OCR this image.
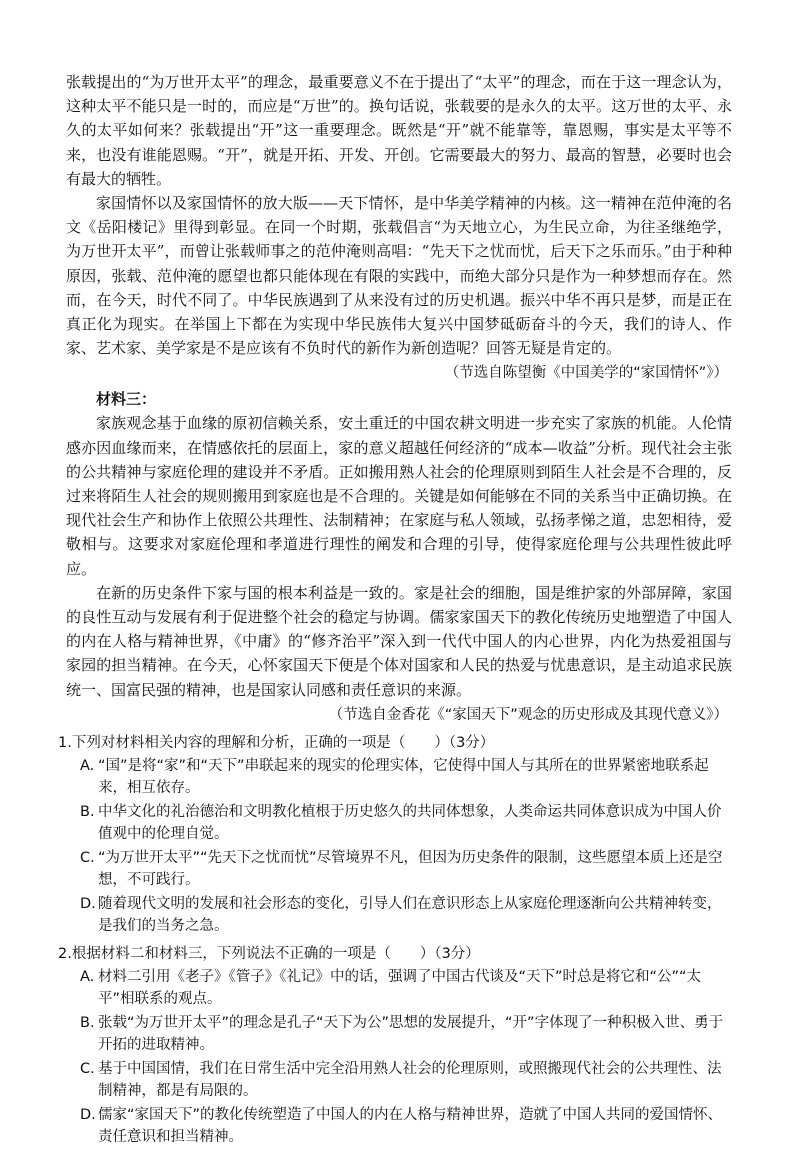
张载提出的“为万世开太平”的理念，最重要意义不在于提出了“太平”的理念，而在于这一理念认为，这种太平不能只是一时的，而应是“万世”的。换句话说，张载要的是永久的太平。这万世的太平、永久的太平如何来？张载提出“开”这一重要理念。既然是“开”就不能靠等，靠恩赐，事实是太平等不来，也没有谁能恩赐。“开”，就是开拓、开发、开创。它需要最大的努力、最高的智慧，必要时也会有最大的牺牲。

家国情怀以及家国情怀的放大版——天下情怀，是中华美学精神的内核。这一精神在范仲淹的名文《岳阳楼记》里得到彰显。在同一个时期，张载倡言“为天地立心，为生民立命，为往圣继绝学，为万世开太平”，而曾让张载师事之的范仲淹则高唱：“先天下之忧而忧，后天下之乐而乐。”由于种种原因，张载、范仲淹的愿望也都只能体现在有限的实践中，而绝大部分只是作为一种梦想而存在。然而，在今天，时代不同了。中华民族遇到了从来没有过的历史机遇。振兴中华不再只是梦，而是正在真正化为现实。在举国上下都在为实现中华民族伟大复兴中国梦砥砺奋斗的今天，我们的诗人、作家、艺术家、美学家是不是应该有不负时代的新作为新创造呢？回答无疑是肯定的。

（节选自陈望衡《中国美学的“家国情怀”》）

材料三：

家族观念基于血缘的原初信赖关系，安土重迁的中国农耕文明进一步充实了家族的机能。人伦情感亦因血缘而来，在情感依托的层面上，家的意义超越任何经济的“成本—收益”分析。现代社会主张的公共精神与家庭伦理的建设并不矛盾。正如搬用熟人社会的伦理原则到陌生人社会是不合理的，反过来将陌生人社会的规则搬用到家庭也是不合理的。关键是如何能够在不同的关系当中正确切换。在现代社会生产和协作上依照公共理性、法制精神；在家庭与私人领域，弘扬孝悌之道，忠恕相待，爱敬相与。这要求对家庭伦理和孝道进行理性的阐发和合理的引导，使得家庭伦理与公共理性彼此呼应。

在新的历史条件下家与国的根本利益是一致的。家是社会的细胞，国是维护家的外部屏障，家国的良性互动与发展有利于促进整个社会的稳定与协调。儒家家国天下的教化传统历史地塑造了中国人的内在人格与精神世界，《中庸》的“修齐治平”深入到一代代中国人的内心世界，内化为热爱祖国与家园的担当精神。在今天，心怀家国天下便是个体对国家和人民的热爱与忧患意识，是主动追求民族统一、国富民强的精神，也是国家认同感和责任意识的来源。

（节选自金香花《“家国天下”观念的历史形成及其现代意义》）

1.下列对材料相关内容的理解和分析，正确的一项是（　　）（3分）

A. “国”是将“家”和“天下”串联起来的现实的伦理实体，它使得中国人与其所在的世界紧密地联系起来，相互依存。

B. 中华文化的礼治德治和文明教化植根于历史悠久的共同体想象，人类命运共同体意识成为中国人价值观中的伦理自觉。

C. “为万世开太平”“先天下之忧而忧”尽管境界不凡，但因为历史条件的限制，这些愿望本质上还是空想，不可践行。

D. 随着现代文明的发展和社会形态的变化，引导人们在意识形态上从家庭伦理逐渐向公共精神转变，是我们的当务之急。

2.根据材料二和材料三，下列说法不正确的一项是（　　）（3分）

A. 材料二引用《老子》《管子》《礼记》中的话，强调了中国古代谈及“天下”时总是将它和“公”“太平”相联系的观点。

B. 张载“为万世开太平”的理念是孔子“天下为公”思想的发展提升，“开”字体现了一种积极入世、勇于开拓的进取精神。

C. 基于中国国情，我们在日常生活中完全沿用熟人社会的伦理原则，或照搬现代社会的公共理性、法制精神，都是有局限的。

D. 儒家“家国天下”的教化传统塑造了中国人的内在人格与精神世界，造就了中国人共同的爱国情怀、责任意识和担当精神。
